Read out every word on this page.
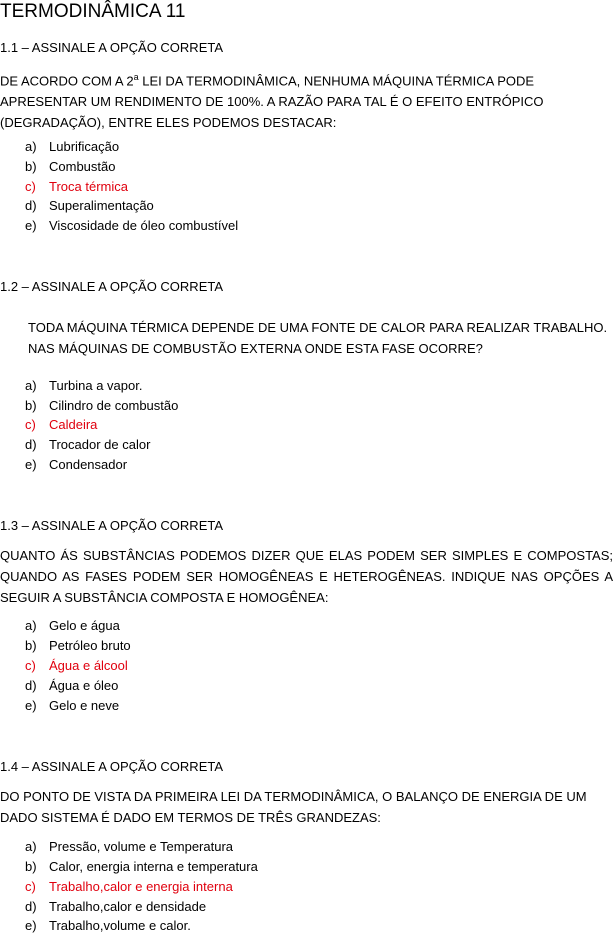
TERMODINÂMICA 11
1.1 – ASSINALE A OPÇÃO CORRETA
DE ACORDO COM A 2$^a$ LEI DA TERMODINÂMICA, NENHUMA MÁQUINA TÉRMICA PODE APRESENTAR UM RENDIMENTO DE 100%. A RAZÃO PARA TAL É O EFEITO ENTRÓPICO (DEGRADAÇÃO), ENTRE ELES PODEMOS DESTACAR:
a) Lubrificação
b) Combustão
c) Troca térmica
d) Superalimentação
e) Viscosidade de óleo combustível
1.2 – ASSINALE A OPÇÃO CORRETA
TODA MÁQUINA TÉRMICA DEPENDE DE UMA FONTE DE CALOR PARA REALIZAR TRABALHO. NAS MÁQUINAS DE COMBUSTÃO EXTERNA ONDE ESTA FASE OCORRE?
a) Turbina a vapor.
b) Cilindro de combustão
c) Caldeira
d) Trocador de calor
e) Condensador
1.3 – ASSINALE A OPÇÃO CORRETA
QUANTO ÁS SUBSTÂNCIAS PODEMOS DIZER QUE ELAS PODEM SER SIMPLES E COMPOSTAS; QUANDO AS FASES PODEM SER HOMOGÊNEAS E HETEROGÊNEAS. INDIQUE NAS OPÇÕES A SEGUIR A SUBSTÂNCIA COMPOSTA E HOMOGÊNEA:
a) Gelo e água
b) Petróleo bruto
c) Água e álcool
d) Água e óleo
e) Gelo e neve
1.4 – ASSINALE A OPÇÃO CORRETA
DO PONTO DE VISTA DA PRIMEIRA LEI DA TERMODINÂMICA, O BALANÇO DE ENERGIA DE UM DADO SISTEMA É DADO EM TERMOS DE TRÊS GRANDEZAS:
a) Pressão, volume e Temperatura
b) Calor, energia interna e temperatura
c) Trabalho,calor e energia interna
d) Trabalho,calor e densidade
e) Trabalho,volume e calor.
